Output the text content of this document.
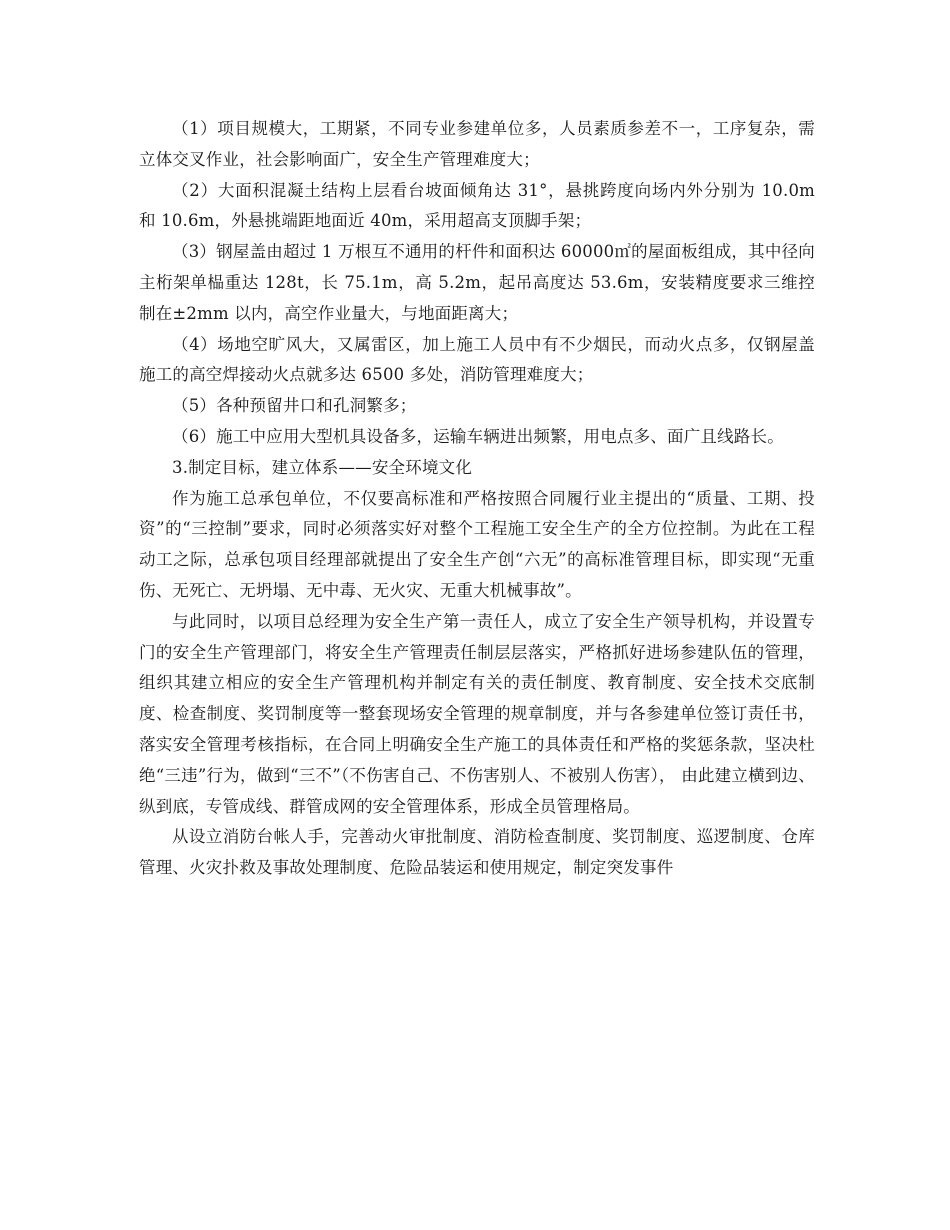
（1）项目规模大，工期紧，不同专业参建单位多，人员素质参差不一，工序复杂，需立体交叉作业，社会影响面广，安全生产管理难度大；

（2）大面积混凝土结构上层看台坡面倾角达 31°，悬挑跨度向场内外分别为 10.0m 和 10.6m，外悬挑端距地面近 40m，采用超高支顶脚手架；

（3）钢屋盖由超过 1 万根互不通用的杆件和面积达 60000㎡的屋面板组成，其中径向主桁架单榀重达 128t，长 75.1m，高 5.2m，起吊高度达 53.6m，安装精度要求三维控制在±2mm 以内，高空作业量大，与地面距离大；

（4）场地空旷风大，又属雷区，加上施工人员中有不少烟民，而动火点多，仅钢屋盖施工的高空焊接动火点就多达 6500 多处，消防管理难度大；

（5）各种预留井口和孔洞繁多；

（6）施工中应用大型机具设备多，运输车辆进出频繁，用电点多、面广且线路长。

3.制定目标，建立体系——安全环境文化

作为施工总承包单位，不仅要高标准和严格按照合同履行业主提出的“质量、工期、投资”的“三控制”要求，同时必须落实好对整个工程施工安全生产的全方位控制。为此在工程动工之际，总承包项目经理部就提出了安全生产创“六无”的高标准管理目标，即实现“无重伤、无死亡、无坍塌、无中毒、无火灾、无重大机械事故”。

与此同时，以项目总经理为安全生产第一责任人，成立了安全生产领导机构，并设置专门的安全生产管理部门，将安全生产管理责任制层层落实，严格抓好进场参建队伍的管理，组织其建立相应的安全生产管理机构并制定有关的责任制度、教育制度、安全技术交底制度、检查制度、奖罚制度等一整套现场安全管理的规章制度，并与各参建单位签订责任书，落实安全管理考核指标，在合同上明确安全生产施工的具体责任和严格的奖惩条款，坚决杜绝“三违”行为，做到“三不”（不伤害自己、不伤害别人、不被别人伤害）， 由此建立横到边、纵到底，专管成线、群管成网的安全管理体系，形成全员管理格局。

从设立消防台帐人手，完善动火审批制度、消防检查制度、奖罚制度、巡逻制度、仓库管理、火灾扑救及事故处理制度、危险品装运和使用规定，制定突发事件
